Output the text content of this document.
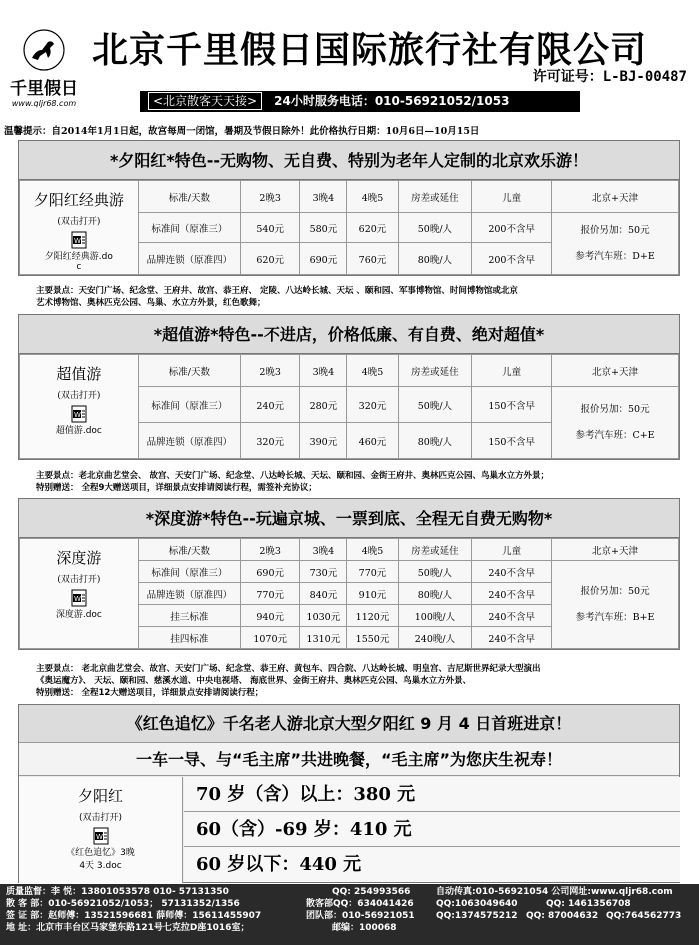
千里假日
www.qljr68.com
北京千里假日国际旅行社有限公司
许可证号：L-BJ-00487
<北京散客天天接> 24小时服务电话：010-56921052/1053
温馨提示：自2014年1月1日起，故宫每周一闭馆，暑期及节假日除外！此价格执行日期：10月6日—10月15日
*夕阳红*特色--无购物、无自费、特别为老年人定制的北京欢乐游！
夕阳红经典游
(双击打开)
W
夕阳红经典游.do
c	标准/天数	2晚3	3晚4	4晚5	房差或延住	儿童	北京+天津
	标准间（原准三）	540元	580元	620元	50晚/人	200不含早	报价另加：50元
参考汽车班：D+E

	品牌连锁（原准四）	620元	690元	760元	80晚/人	200不含早	
主要景点：天安门广场、纪念堂、王府井、故宫、恭王府、 定陵、八达岭长城、天坛 、颐和园、军事博物馆、时间博物馆或北京
艺术博物馆、奥林匹克公园、鸟巢、水立方外景，红色歌舞；
*超值游*特色--不进店，价格低廉、有自费、绝对超值*
超值游
(双击打开)
W
超值游.doc	标准/天数	2晚3	3晚4	4晚5	房差或延住	儿童	北京+天津
	标准间（原准三）	240元	280元	320元	50晚/人	150不含早	报价另加：50元
参考汽车班：C+E

	品牌连锁（原准四）	320元	390元	460元	80晚/人	150不含早	
主要景点：老北京曲艺堂会、 故宫、天安门广场、纪念堂、八达岭长城、天坛、颐和园、金街王府井、奥林匹克公园、鸟巢水立方外景；
特别赠送： 全程9大赠送项目，详细景点安排请阅读行程，需签补充协议；
*深度游*特色--玩遍京城、一票到底、全程无自费无购物*
深度游
(双击打开)
W
深度游.doc	标准/天数	2晚3	3晚4	4晚5	房差或延住	儿童	北京+天津
	标准间（原准三）	690元	730元	770元	50晚/人	240不含早	报价另加：50元
参考汽车班：B+E

	品牌连锁（原准四）	770元	840元	910元	80晚/人	240不含早	
	挂三标准	940元	1030元	1120元	100晚/人	240不含早	
	挂四标准	1070元	1310元	1550元	240晚/人	240不含早	
主要景点： 老北京曲艺堂会、故宫、天安门广场、纪念堂、恭王府、黄包车、四合院、八达岭长城、明皇宫、吉尼斯世界纪录大型演出
《奥运魔方》、 天坛、颐和园、慈溪水道、中央电视塔、 海底世界、金街王府井、奥林匹克公园、鸟巢水立方外景、
特别赠送： 全程12大赠送项目，详细景点安排请阅读行程；
《红色追忆》千名老人游北京大型夕阳红 9 月 4 日首班进京！
一车一导、与“毛主席”共进晚餐，“毛主席”为您庆生祝寿！
夕阳红
(双击打开)
W
《红色追忆》3晚
4天 3.doc
70 岁（含）以上：380 元
60（含）-69 岁：410 元
60 岁以下：440 元
质量监督：李 悦：13801053578 010- 57131350	QQ: 254993566	自动传真:010-56921054 公司网址:www.qljr68.com
散 客 部：010-56921052/1053； 57131352/1356	散客部QQ：634041426 QQ:1063049640	QQ: 1461356708
签 证 部：赵师傅：13521596681 薛师傅：15611455907	团队部：010-56921051 QQ:1374575212 QQ: 87004632 QQ:764562773
地 址：北京市丰台区马家堡东路121号七克拉D座1016室；	邮编：100068
